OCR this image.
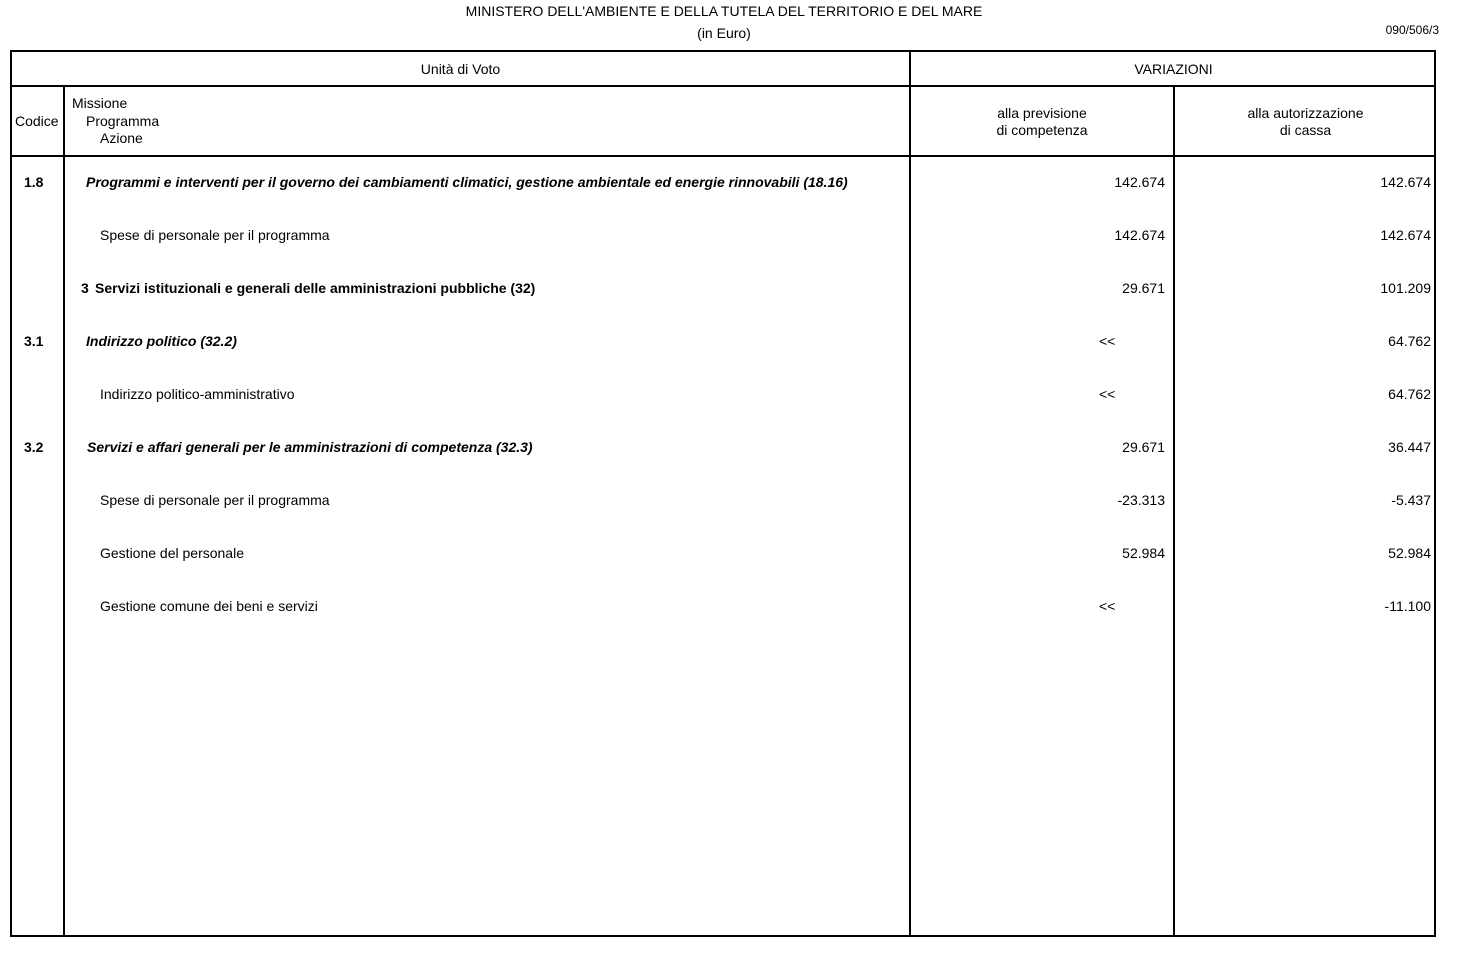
MINISTERO DELL'AMBIENTE E DELLA TUTELA DEL TERRITORIO E DEL MARE
(in Euro)	090/506/3
Unità di Voto	VARIAZIONI
Codice
Missione
Programma
Azione
alla previsione
di competenza
alla autorizzazione
di cassa
1.8	Programmi e interventi per il governo dei cambiamenti climatici, gestione ambientale ed energie rinnovabili (18.16)	142.674	142.674
Spese di personale per il programma	142.674	142.674
3 Servizi istituzionali e generali delle amministrazioni pubbliche (32)	29.671	101.209
3.1	Indirizzo politico (32.2)	<<	64.762
Indirizzo politico-amministrativo	<<	64.762
3.2	Servizi e affari generali per le amministrazioni di competenza (32.3)	29.671	36.447
Spese di personale per il programma	-23.313	-5.437
Gestione del personale	52.984	52.984
Gestione comune dei beni e servizi	<<	-11.100
